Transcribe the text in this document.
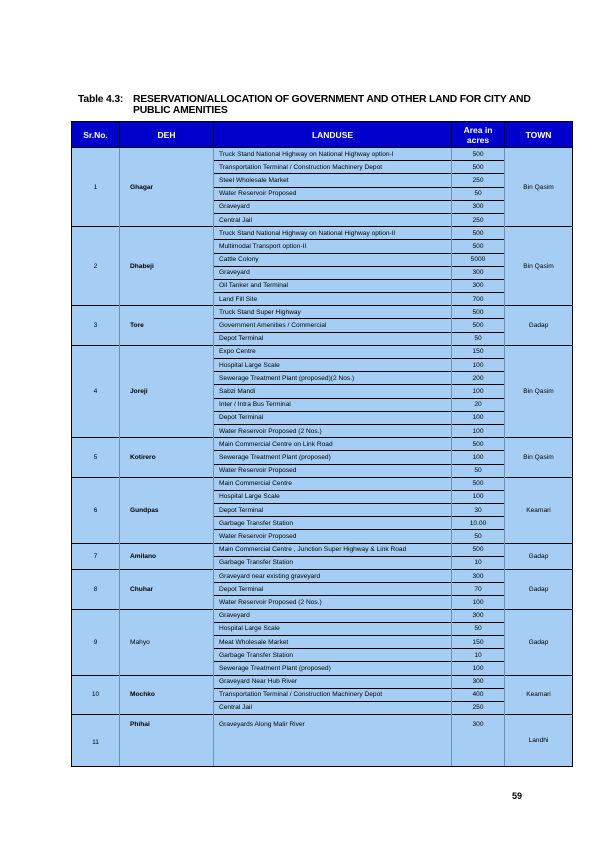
Table 4.3: RESERVATION/ALLOCATION OF GOVERNMENT AND OTHER LAND FOR CITY AND
PUBLIC AMENITIES
Sr.No.	DEH	LANDUSE	Area in acres	TOWN
1	Ghagar	Truck Stand National Highway on National Highway option-I	500	Bin Qasim
		Transportation Terminal / Construction Machinery Depot	500	
		Steel Wholesale Market	250	
		Water Reservoir Proposed	50	
		Graveyard	300	
		Central Jail	250	
2	Dhabeji	Truck Stand National Highway on National Highway option-II	500	Bin Qasim
		Multimodal Transport option-II	500	
		Cattle Colony	5000	
		Graveyard	300	
		Oil Tanker and Terminal	300	
		Land Fill Site	700	
3	Tore	Truck Stand Super Highway	500	Gadap
		Government Amenities / Commercial	500	
		Depot Terminal	50	
4	Joreji	Expo Centre	150	Bin Qasim
		Hospital Large Scale	100	
		Sewerage Treatment Plant (proposed)(2 Nos.)	200	
		Sabzi Mandi	100	
		Inter / Intra Bus Terminal	20	
		Depot Terminal	100	
		Water Reservoir Proposed (2 Nos.)	100	
5	Kotirero	Main Commercial Centre on Link Road	500	Bin Qasim
		Sewerage Treatment Plant (proposed)	100	
		Water Reservoir Proposed	50	
6	Gundpas	Main Commercial Centre	500	Keamari
		Hospital Large Scale	100	
		Depot Terminal	30	
		Garbage Transfer Station	10.00	
		Water Reservoir Proposed	50	
7	Amilano	Main Commercial Centre , Junction Super Highway & Link Road	500	Gadap
		Garbage Transfer Station	10	
8	Chuhar	Graveyard near existing graveyard	300	Gadap
		Depot Terminal	70	
		Water Reservoir Proposed (2 Nos.)	100	
9	Mahyo	Graveyard	300	Gadap
		Hospital Large Scale	50	
		Meat Wholesale Market	150	
		Garbage Transfer Station	10	
		Sewerage Treatment Plant (proposed)	100	
10	Mochko	Graveyard Near Hub River	300	Keamari
		Transportation Terminal / Construction Machinery Depot	400	
		Central Jail	250	
11	Phihai	Graveyards Along Malir River	300	Landhi
59
